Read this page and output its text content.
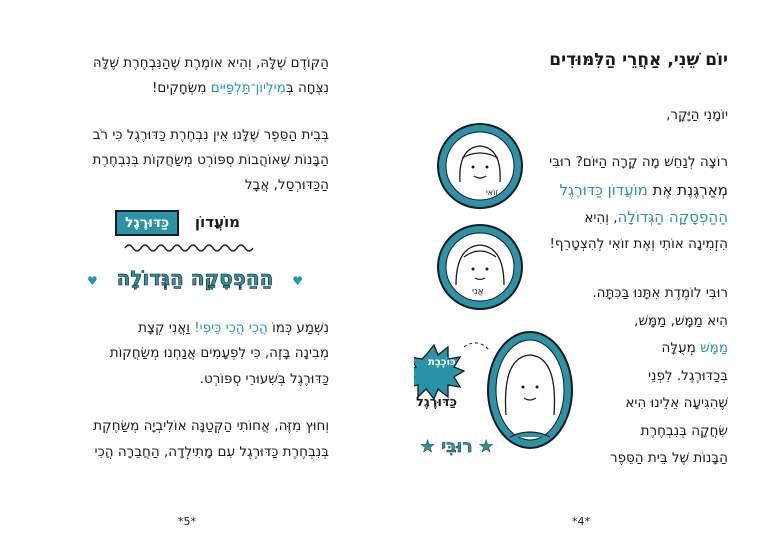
הַקּוֹדֶם שֶׁלָּהּ, וְהִיא אוֹמֶרֶת שֶׁהַנִּבְחֶרֶת שֶׁלָּהּ
נִצְּחָה בְּמִילְיוֹן־תַּלְפַּיִּים מִשְׂחָקִים!
בְּבֵית הַסֵּפֶר שֶׁלָּנוּ אֵין נִבְחֶרֶת כַּדּוּרֶגֶל כִּי רֹב
הַבָּנוֹת שֶׁאוֹהֲבוֹת סְפּוֹרְט מְשַׂחֲקוֹת בְּנִבְחֶרֶת
הַכַּדּוּרְסַל, אֲבָל
מוֹעֲדוֹן
כַּדּוּרֶגֶל
הַהַפְסָקָה הַגְּדוֹלָה
♥	♥
נִשְׁמַע כְּמוֹ הֲכִי הֲכִי כֵּיפִי! וַאֲנִי קְצָת
מְבִינָה בָּזֶה, כִּי לִפְעָמִים אֲנַחְנוּ מְשַׂחֲקוֹת
כַּדּוּרֶגֶל בְּשִׁעוּרֵי סְפּוֹרְט.
וְחוּץ מִזֶּה, אֲחוֹתִי הַקְּטַנָּה אוֹלִיבְיָה מְשַׂחֶקֶת
בְּנִבְחֶרֶת כַּדּוּרֶגֶל עִם מָתִילְדָה, הַחֲבֵרָה הֲכִי
*5*
יוֹם שֵׁנִי, אַחֲרֵי הַלִּמּוּדִים
יוֹמָנִי הַיָּקָר,
רוֹצָה לְנַחֵשׁ מָה קָרָה הַיּוֹם? רוּבִּי
מְאַרְגֶּנֶת אֶת מוֹעֲדוֹן כַּדּוּרֶגֶל
הַהַפְסָקָה הַגְּדוֹלָה, וְהִיא
הִזְמִינָה אוֹתִי וְאֶת זוֹאִי לְהִצְטָרֵף!
רוּבִּי לוֹמֶדֶת אִתָּנוּ בַּכִּתָּה.
הִיא מַמָּשׁ, מַמָּשׁ,
מַמָּשׁ מְעֻלָּה
בְּכַדּוּרֶגֶל. לִפְנֵי
שֶׁהִגִּיעָה אֵלֵינוּ הִיא
שִׂחֲקָה בְּנִבְחֶרֶת
הַבָּנוֹת שֶׁל בֵּית הַסֵּפֶר
זוֹאִי
אֲנִי
כּוֹכֶבֶת
כַּדּוּרֶגֶל
★ רוּבִּי ★
*4*
